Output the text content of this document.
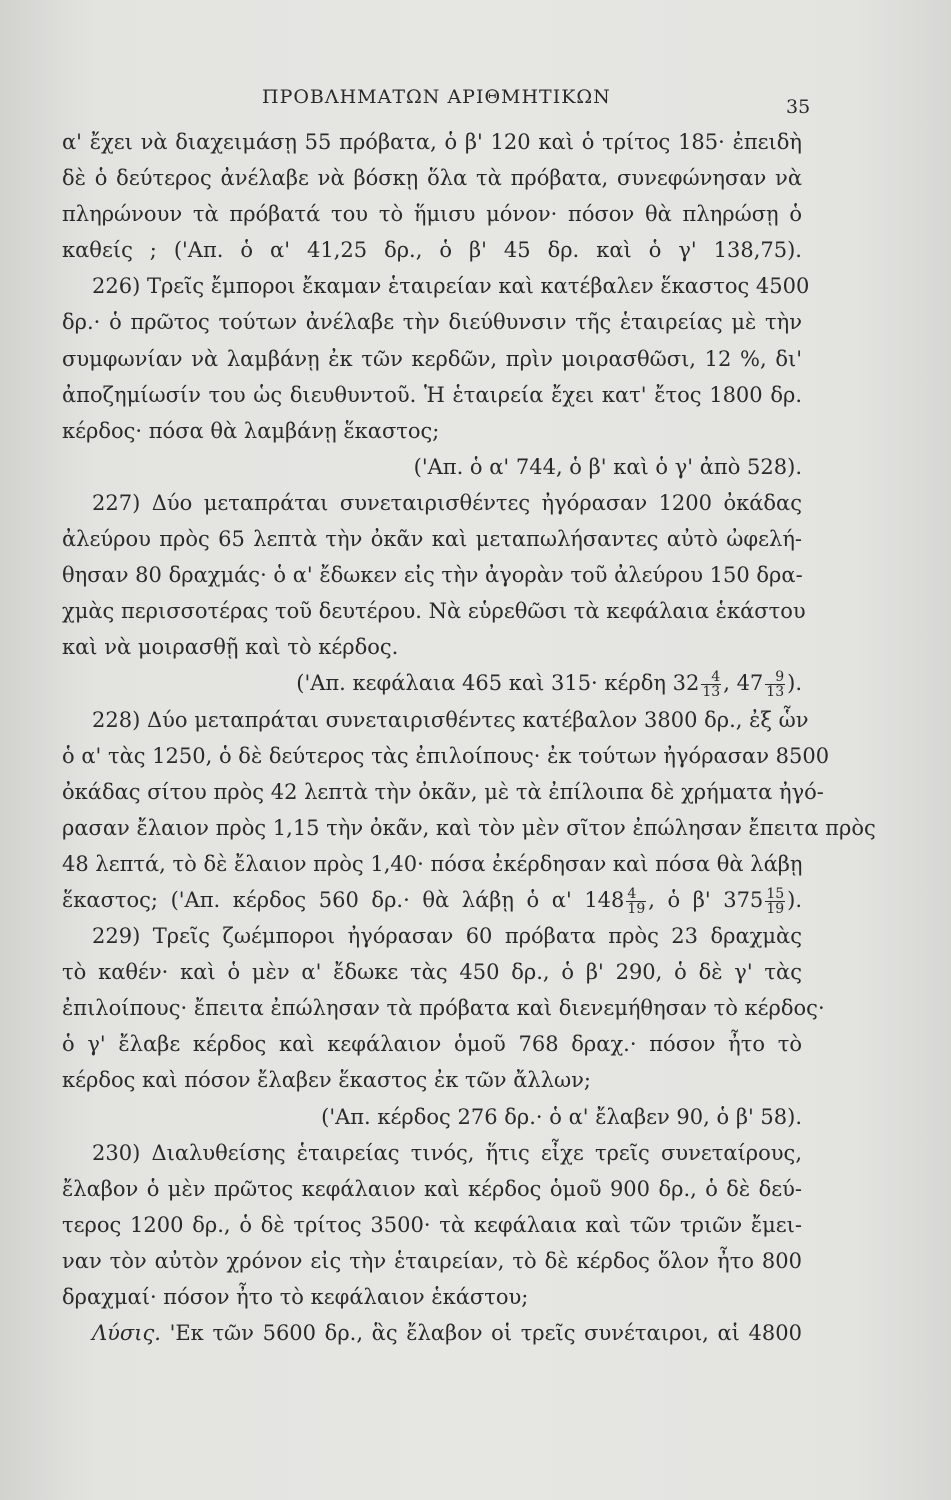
ΠΡΟΒΛΗΜΑΤΩΝ ΑΡΙΘΜΗΤΙΚΩΝ	35
α' ἔχει νὰ διαχειμάσῃ 55 πρόβατα, ὁ β' 120 καὶ ὁ τρίτος 185· ἐπειδὴ
δὲ ὁ δεύτερος ἀνέλαβε νὰ βόσκῃ ὅλα τὰ πρόβατα, συνεφώνησαν νὰ
πληρώνουν τὰ πρόβατά του τὸ ἥμισυ μόνον· πόσον θὰ πληρώσῃ ὁ
καθείς ; ('Απ. ὁ α' 41,25 δρ., ὁ β' 45 δρ. καὶ ὁ γ' 138,75).
226) Τρεῖς ἔμποροι ἔκαμαν ἑταιρείαν καὶ κατέβαλεν ἕκαστος 4500
δρ.· ὁ πρῶτος τούτων ἀνέλαβε τὴν διεύθυνσιν τῆς ἑταιρείας μὲ τὴν
συμφωνίαν νὰ λαμβάνῃ ἐκ τῶν κερδῶν, πρὶν μοιρασθῶσι, 12 %, δι'
ἀποζημίωσίν του ὡς διευθυντοῦ. Ἡ ἑταιρεία ἔχει κατ' ἔτος 1800 δρ.
κέρδος· πόσα θὰ λαμβάνῃ ἕκαστος;
('Απ. ὁ α' 744, ὁ β' καὶ ὁ γ' ἀπὸ 528).
227) Δύο μεταπράται συνεταιρισθέντες ἠγόρασαν 1200 ὀκάδας
ἀλεύρου πρὸς 65 λεπτὰ τὴν ὀκᾶν καὶ μεταπωλήσαντες αὐτὸ ὠφελή-
θησαν 80 δραχμάς· ὁ α' ἔδωκεν εἰς τὴν ἀγορὰν τοῦ ἀλεύρου 150 δρα-
χμὰς περισσοτέρας τοῦ δευτέρου. Νὰ εὑρεθῶσι τὰ κεφάλαια ἑκάστου
καὶ νὰ μοιρασθῇ καὶ τὸ κέρδος.
('Απ. κεφάλαια 465 καὶ 315· κέρδη $32 \frac{4}{13}$ , $47 \frac{9}{13}$ ).
228) Δύο μεταπράται συνεταιρισθέντες κατέβαλον 3800 δρ., ἐξ ὧν
ὁ α' τὰς 1250, ὁ δὲ δεύτερος τὰς ἐπιλοίπους· ἐκ τούτων ἠγόρασαν 8500
ὀκάδας σίτου πρὸς 42 λεπτὰ τὴν ὀκᾶν, μὲ τὰ ἐπίλοιπα δὲ χρήματα ἠγό-
ρασαν ἔλαιον πρὸς 1,15 τὴν ὀκᾶν, καὶ τὸν μὲν σῖτον ἐπώλησαν ἔπειτα πρὸς
48 λεπτά, τὸ δὲ ἔλαιον πρὸς 1,40· πόσα ἐκέρδησαν καὶ πόσα θὰ λάβῃ
ἕκαστος; ('Απ. κέρδος 560 δρ.· θὰ λάβῃ ὁ α' $148 \frac{4}{19}$ , ὁ β' $375 \frac{15}{19}$ ).
229) Τρεῖς ζωέμποροι ἠγόρασαν 60 πρόβατα πρὸς 23 δραχμὰς
τὸ καθέν· καὶ ὁ μὲν α' ἔδωκε τὰς 450 δρ., ὁ β' 290, ὁ δὲ γ' τὰς
ἐπιλοίπους· ἔπειτα ἐπώλησαν τὰ πρόβατα καὶ διενεμήθησαν τὸ κέρδος·
ὁ γ' ἔλαβε κέρδος καὶ κεφάλαιον ὁμοῦ 768 δραχ.· πόσον ἦτο τὸ
κέρδος καὶ πόσον ἔλαβεν ἕκαστος ἐκ τῶν ἄλλων;
('Απ. κέρδος 276 δρ.· ὁ α' ἔλαβεν 90, ὁ β' 58).
230) Διαλυθείσης ἑταιρείας τινός, ἥτις εἶχε τρεῖς συνεταίρους,
ἔλαβον ὁ μὲν πρῶτος κεφάλαιον καὶ κέρδος ὁμοῦ 900 δρ., ὁ δὲ δεύ-
τερος 1200 δρ., ὁ δὲ τρίτος 3500· τὰ κεφάλαια καὶ τῶν τριῶν ἔμει-
ναν τὸν αὐτὸν χρόνον εἰς τὴν ἑταιρείαν, τὸ δὲ κέρδος ὅλον ἦτο 800
δραχμαί· πόσον ἦτο τὸ κεφάλαιον ἑκάστου;
Λύσις. 'Εκ τῶν 5600 δρ., ἃς ἔλαβον οἱ τρεῖς συνέταιροι, αἱ 4800
